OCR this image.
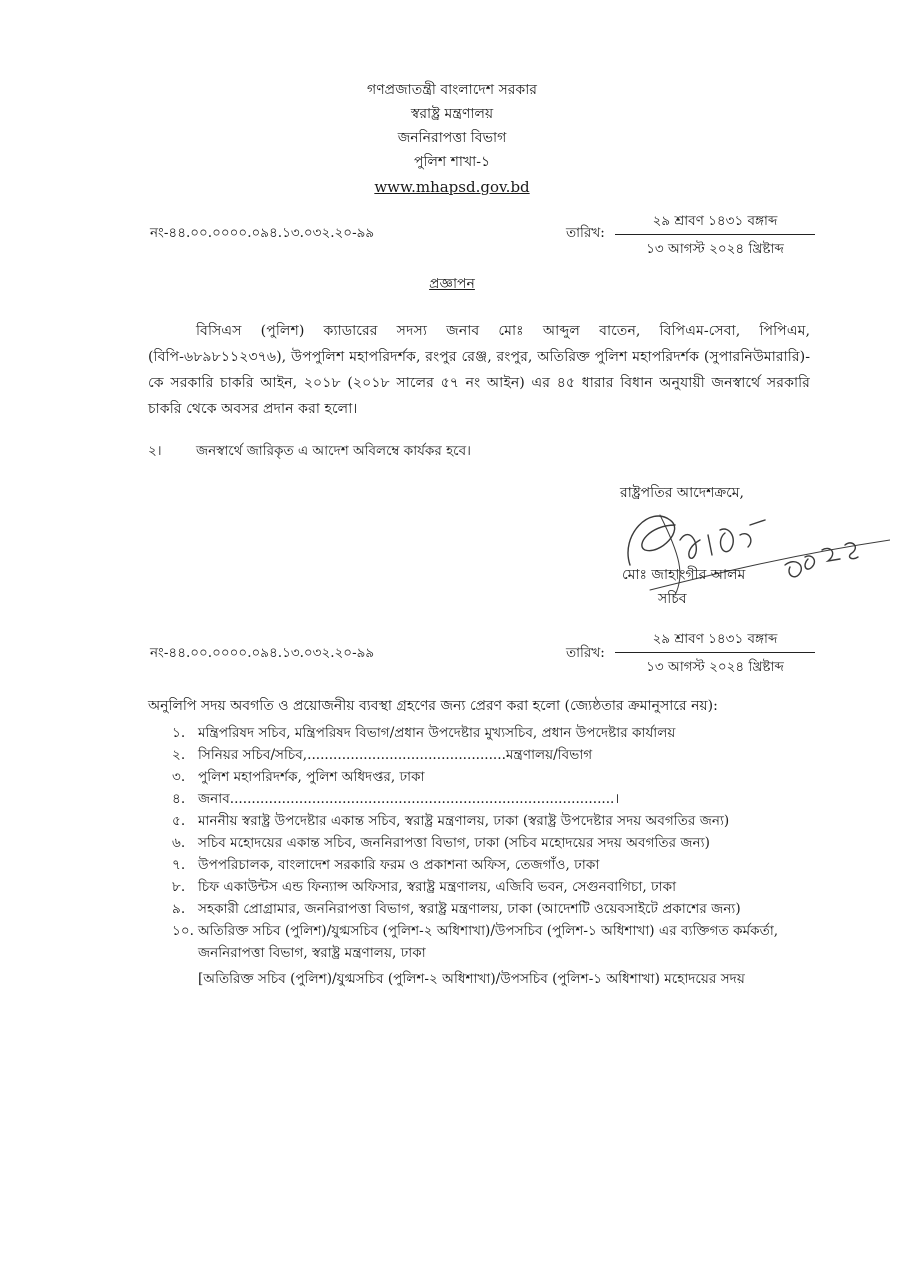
গণপ্রজাতন্ত্রী বাংলাদেশ সরকার
স্বরাষ্ট্র মন্ত্রণালয়
জননিরাপত্তা বিভাগ
পুলিশ শাখা-১
www.mhapsd.gov.bd
নং-৪৪.০০.০০০০.০৯৪.১৩.০৩২.২০-৯৯	তারিখ:
২৯ শ্রাবণ ১৪৩১ বঙ্গাব্দ
১৩ আগস্ট ২০২৪ খ্রিষ্টাব্দ
প্রজ্ঞাপন
বিসিএস (পুলিশ) ক্যাডারের সদস্য জনাব মোঃ আব্দুল বাতেন, বিপিএম-সেবা, পিপিএম, (বিপি-৬৮৯৮১১২৩৭৬), উপপুলিশ মহাপরিদর্শক, রংপুর রেঞ্জ, রংপুর, অতিরিক্ত পুলিশ মহাপরিদর্শক (সুপারনিউমারারি)-কে সরকারি চাকরি আইন, ২০১৮ (২০১৮ সালের ৫৭ নং আইন) এর ৪৫ ধারার বিধান অনুযায়ী জনস্বার্থে সরকারি চাকরি থেকে অবসর প্রদান করা হলো।
২।	জনস্বার্থে জারিকৃত এ আদেশ অবিলম্বে কার্যকর হবে।
রাষ্ট্রপতির আদেশক্রমে,
মোঃ জাহাংগীর আলম
সচিব
নং-৪৪.০০.০০০০.০৯৪.১৩.০৩২.২০-৯৯	তারিখ:
২৯ শ্রাবণ ১৪৩১ বঙ্গাব্দ
১৩ আগস্ট ২০২৪ খ্রিষ্টাব্দ
অনুলিপি সদয় অবগতি ও প্রয়োজনীয় ব্যবস্থা গ্রহণের জন্য প্রেরণ করা হলো (জ্যেষ্ঠতার ক্রমানুসারে নয়):
১. মন্ত্রিপরিষদ সচিব, মন্ত্রিপরিষদ বিভাগ/প্রধান উপদেষ্টার মুখ্যসচিব, প্রধান উপদেষ্টার কার্যালয়
২. সিনিয়র সচিব/সচিব,..............................................মন্ত্রণালয়/বিভাগ
৩. পুলিশ মহাপরিদর্শক, পুলিশ অধিদপ্তর, ঢাকা
৪. জনাব.........................................................................................।
৫. মাননীয় স্বরাষ্ট্র উপদেষ্টার একান্ত সচিব, স্বরাষ্ট্র মন্ত্রণালয়, ঢাকা (স্বরাষ্ট্র উপদেষ্টার সদয় অবগতির জন্য)
৬. সচিব মহোদয়ের একান্ত সচিব, জননিরাপত্তা বিভাগ, ঢাকা (সচিব মহোদয়ের সদয় অবগতির জন্য)
৭. উপপরিচালক, বাংলাদেশ সরকারি ফরম ও প্রকাশনা অফিস, তেজগাঁও, ঢাকা
৮. চিফ একাউন্টস এন্ড ফিন্যান্স অফিসার, স্বরাষ্ট্র মন্ত্রণালয়, এজিবি ভবন, সেগুনবাগিচা, ঢাকা
৯. সহকারী প্রোগ্রামার, জননিরাপত্তা বিভাগ, স্বরাষ্ট্র মন্ত্রণালয়, ঢাকা (আদেশটি ওয়েবসাইটে প্রকাশের জন্য)
১০. অতিরিক্ত সচিব (পুলিশ)/যুগ্মসচিব (পুলিশ-২ অধিশাখা)/উপসচিব (পুলিশ-১ অধিশাখা) এর ব্যক্তিগত কর্মকর্তা,
জননিরাপত্তা বিভাগ, স্বরাষ্ট্র মন্ত্রণালয়, ঢাকা
[অতিরিক্ত সচিব (পুলিশ)/যুগ্মসচিব (পুলিশ-২ অধিশাখা)/উপসচিব (পুলিশ-১ অধিশাখা) মহোদয়ের সদয়
